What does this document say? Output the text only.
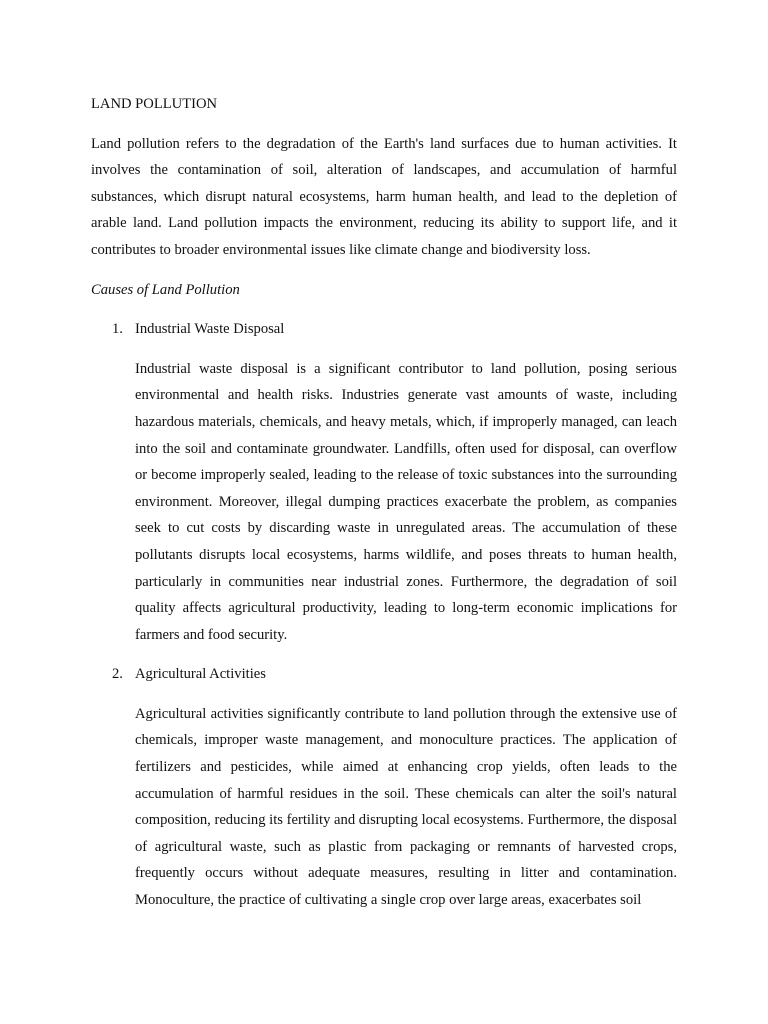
LAND POLLUTION

Land pollution refers to the degradation of the Earth's land surfaces due to human activities. It involves the contamination of soil, alteration of landscapes, and accumulation of harmful substances, which disrupt natural ecosystems, harm human health, and lead to the depletion of arable land. Land pollution impacts the environment, reducing its ability to support life, and it contributes to broader environmental issues like climate change and biodiversity loss.

Causes of Land Pollution

1. Industrial Waste Disposal

Industrial waste disposal is a significant contributor to land pollution, posing serious environmental and health risks. Industries generate vast amounts of waste, including hazardous materials, chemicals, and heavy metals, which, if improperly managed, can leach into the soil and contaminate groundwater. Landfills, often used for disposal, can overflow or become improperly sealed, leading to the release of toxic substances into the surrounding environment. Moreover, illegal dumping practices exacerbate the problem, as companies seek to cut costs by discarding waste in unregulated areas. The accumulation of these pollutants disrupts local ecosystems, harms wildlife, and poses threats to human health, particularly in communities near industrial zones. Furthermore, the degradation of soil quality affects agricultural productivity, leading to long-term economic implications for farmers and food security.

2. Agricultural Activities

Agricultural activities significantly contribute to land pollution through the extensive use of chemicals, improper waste management, and monoculture practices. The application of fertilizers and pesticides, while aimed at enhancing crop yields, often leads to the accumulation of harmful residues in the soil. These chemicals can alter the soil's natural composition, reducing its fertility and disrupting local ecosystems. Furthermore, the disposal of agricultural waste, such as plastic from packaging or remnants of harvested crops, frequently occurs without adequate measures, resulting in litter and contamination. Monoculture, the practice of cultivating a single crop over large areas, exacerbates soil
